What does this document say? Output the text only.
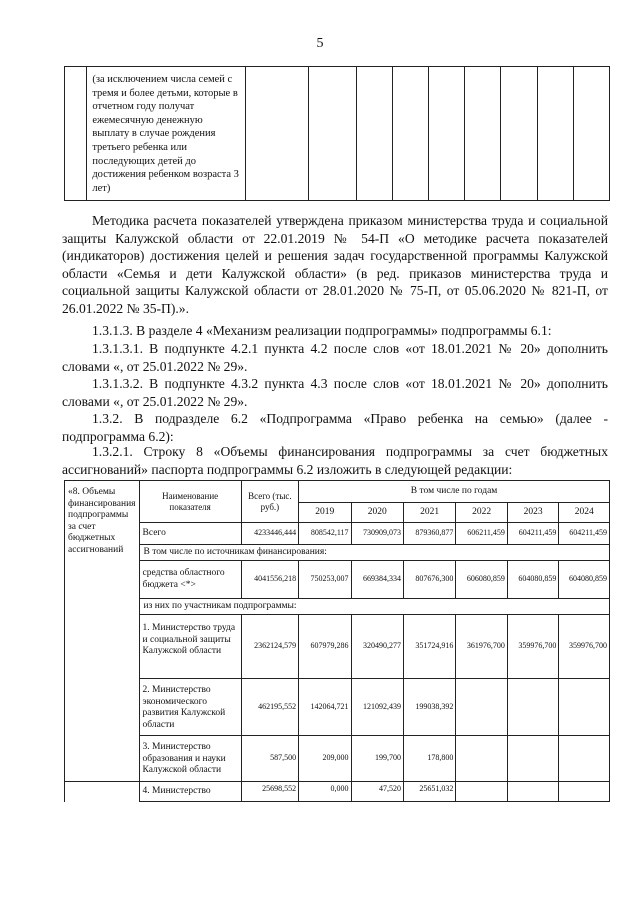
5
	(за исключением числа семей с тремя и более детьми, которые в отчетном году получат ежемесячную денежную выплату в случае рождения третьего ребенка или последующих детей до достижения ребенком возраста 3 лет)									
Методика расчета показателей утверждена приказом министерства труда и социальной защиты Калужской области от 22.01.2019 № 54-П «О методике расчета показателей (индикаторов) достижения целей и решения задач государственной программы Калужской области «Семья и дети Калужской области» (в ред. приказов министерства труда и социальной защиты Калужской области от 28.01.2020 № 75-П, от 05.06.2020 № 821-П, от 26.01.2022 № 35-П).».
1.3.1.3. В разделе 4 «Механизм реализации подпрограммы» подпрограммы 6.1:
1.3.1.3.1. В подпункте 4.2.1 пункта 4.2 после слов «от 18.01.2021 № 20» дополнить словами «, от 25.01.2022 № 29».
1.3.1.3.2. В подпункте 4.3.2 пункта 4.3 после слов «от 18.01.2021 № 20» дополнить словами «, от 25.01.2022 № 29».
1.3.2. В подразделе 6.2 «Подпрограмма «Право ребенка на семью» (далее - подпрограмма 6.2):
1.3.2.1. Строку 8 «Объемы финансирования подпрограммы за счет бюджетных ассигнований» паспорта подпрограммы 6.2 изложить в следующей редакции:
«8. Объемы финансирования подпрограммы за счет бюджетных ассигнований	Наименование показателя	Всего (тыс. руб.)	В том числе по годам					
			2019	2020	2021	2022	2023	2024
	Всего	4233446,444	808542,117	730909,073	879360,877	606211,459	604211,459	604211,459
	В том числе по источникам финансирования:							
	средства областного бюджета <*>	4041556,218	750253,007	669384,334	807676,300	606080,859	604080,859	604080,859
	из них по участникам подпрограммы:							
	1. Министерство труда и социальной защиты Калужской области	2362124,579	607979,286	320490,277	351724,916	361976,700	359976,700	359976,700
	2. Министерство экономического развития Калужской области	462195,552	142064,721	121092,439	199038,392			
	3. Министерство образования и науки Калужской области	587,500	209,000	199,700	178,800			
	4. Министерство	25698,552	0,000	47,520	25651,032			
